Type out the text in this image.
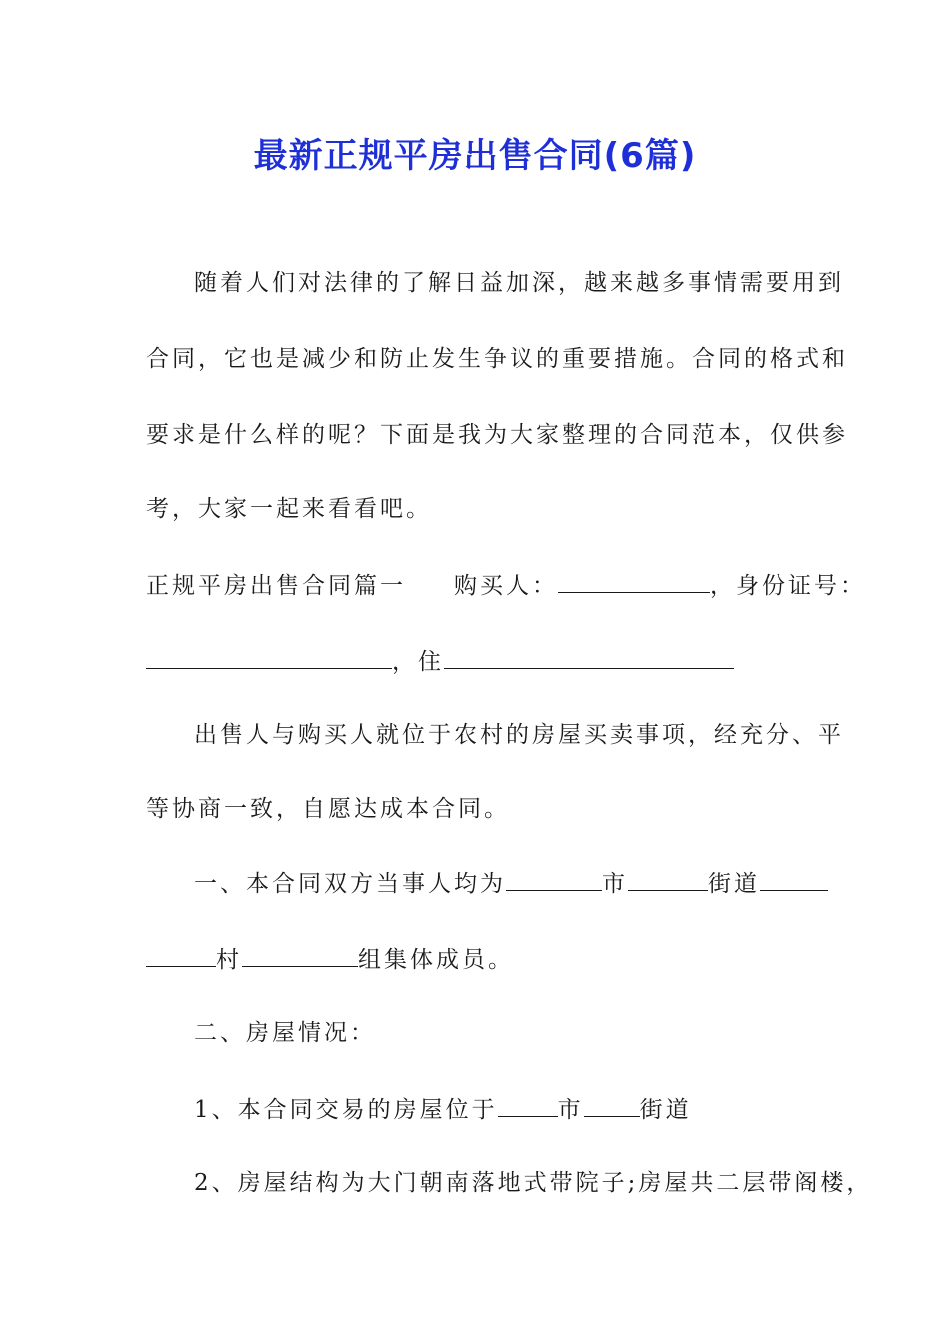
最新正规平房出售合同(6篇)
随着人们对法律的了解日益加深，越来越多事情需要用到
合同，它也是减少和防止发生争议的重要措施。合同的格式和
要求是什么样的呢？下面是我为大家整理的合同范本，仅供参
考，大家一起来看看吧。
正规平房出售合同篇一 购买人：	，身份证号：
，住
出售人与购买人就位于农村的房屋买卖事项，经充分、平
等协商一致，自愿达成本合同。
一、本合同双方当事人均为	市	街道
村	组集体成员。
二、房屋情况：
1、本合同交易的房屋位于	市 街道
2、房屋结构为大门朝南落地式带院子;房屋共二层带阁楼，
